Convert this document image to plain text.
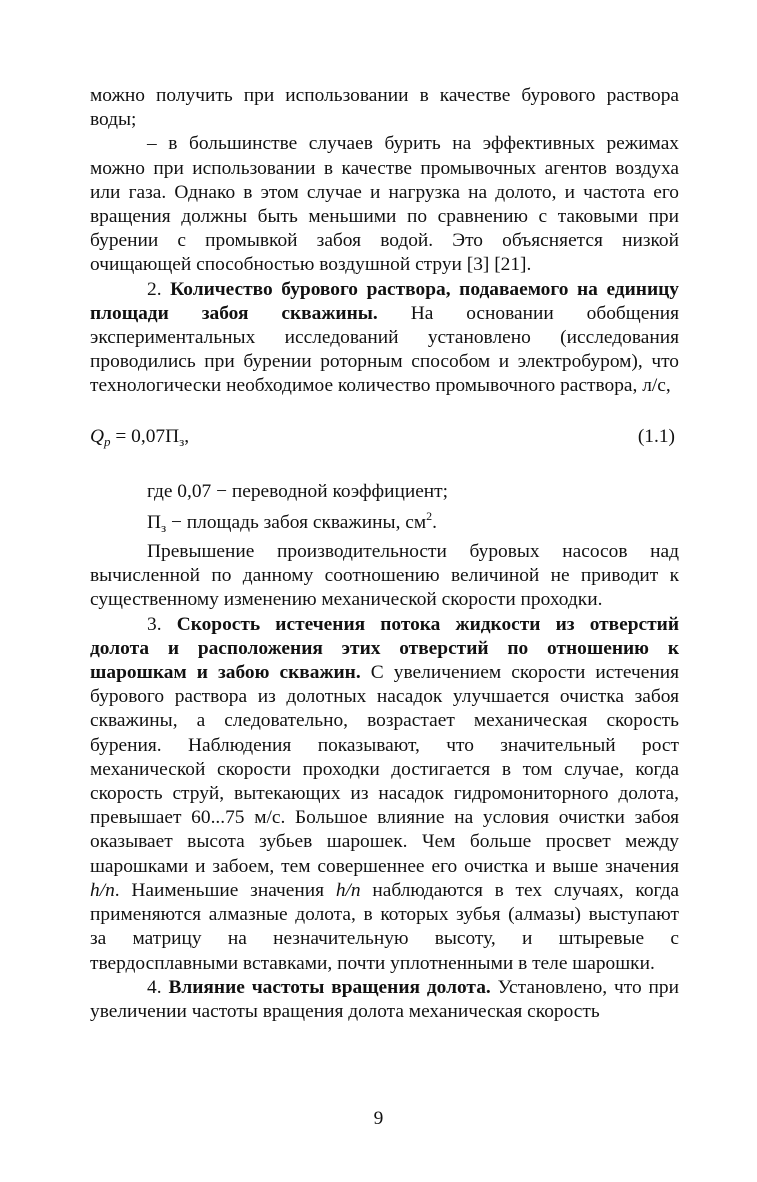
можно получить при использовании в качестве бурового раствора воды;

– в большинстве случаев бурить на эффективных режимах можно при использовании в качестве промывочных агентов воздуха или газа. Однако в этом случае и нагрузка на долото, и частота его вращения должны быть меньшими по сравнению с таковыми при бурении с промывкой забоя водой. Это объясняется низкой очищающей способностью воздушной струи [3] [21].

2. Количество бурового раствора, подаваемого на единицу площади забоя скважины. На основании обобщения экспериментальных исследований установлено (исследования проводились при бурении роторным способом и электробуром), что технологически необходимое количество промывочного раствора, л/с,

$Q_p = 0,07П_з$,	(1.1)

где 0,07 − переводной коэффициент;

$П_з$ − площадь забоя скважины, $см^2$.

Превышение производительности буровых насосов над вычисленной по данному соотношению величиной не приводит к существенному изменению механической скорости проходки.

3. Скорость истечения потока жидкости из отверстий долота и расположения этих отверстий по отношению к шарошкам и забою скважин. С увеличением скорости истечения бурового раствора из долотных насадок улучшается очистка забоя скважины, а следовательно, возрастает механическая скорость бурения. Наблюдения показывают, что значительный рост механической скорости проходки достигается в том случае, когда скорость струй, вытекающих из насадок гидромониторного долота, превышает 60...75 м/с. Большое влияние на условия очистки забоя оказывает высота зубьев шарошек. Чем больше просвет между шарошками и забоем, тем совершеннее его очистка и выше значения h/n. Наименьшие значения h/n наблюдаются в тех случаях, когда применяются алмазные долота, в которых зубья (алмазы) выступают за матрицу на незначительную высоту, и штыревые с твердосплавными вставками, почти уплотненными в теле шарошки.

4. Влияние частоты вращения долота. Установлено, что при увеличении частоты вращения долота механическая скорость

9
